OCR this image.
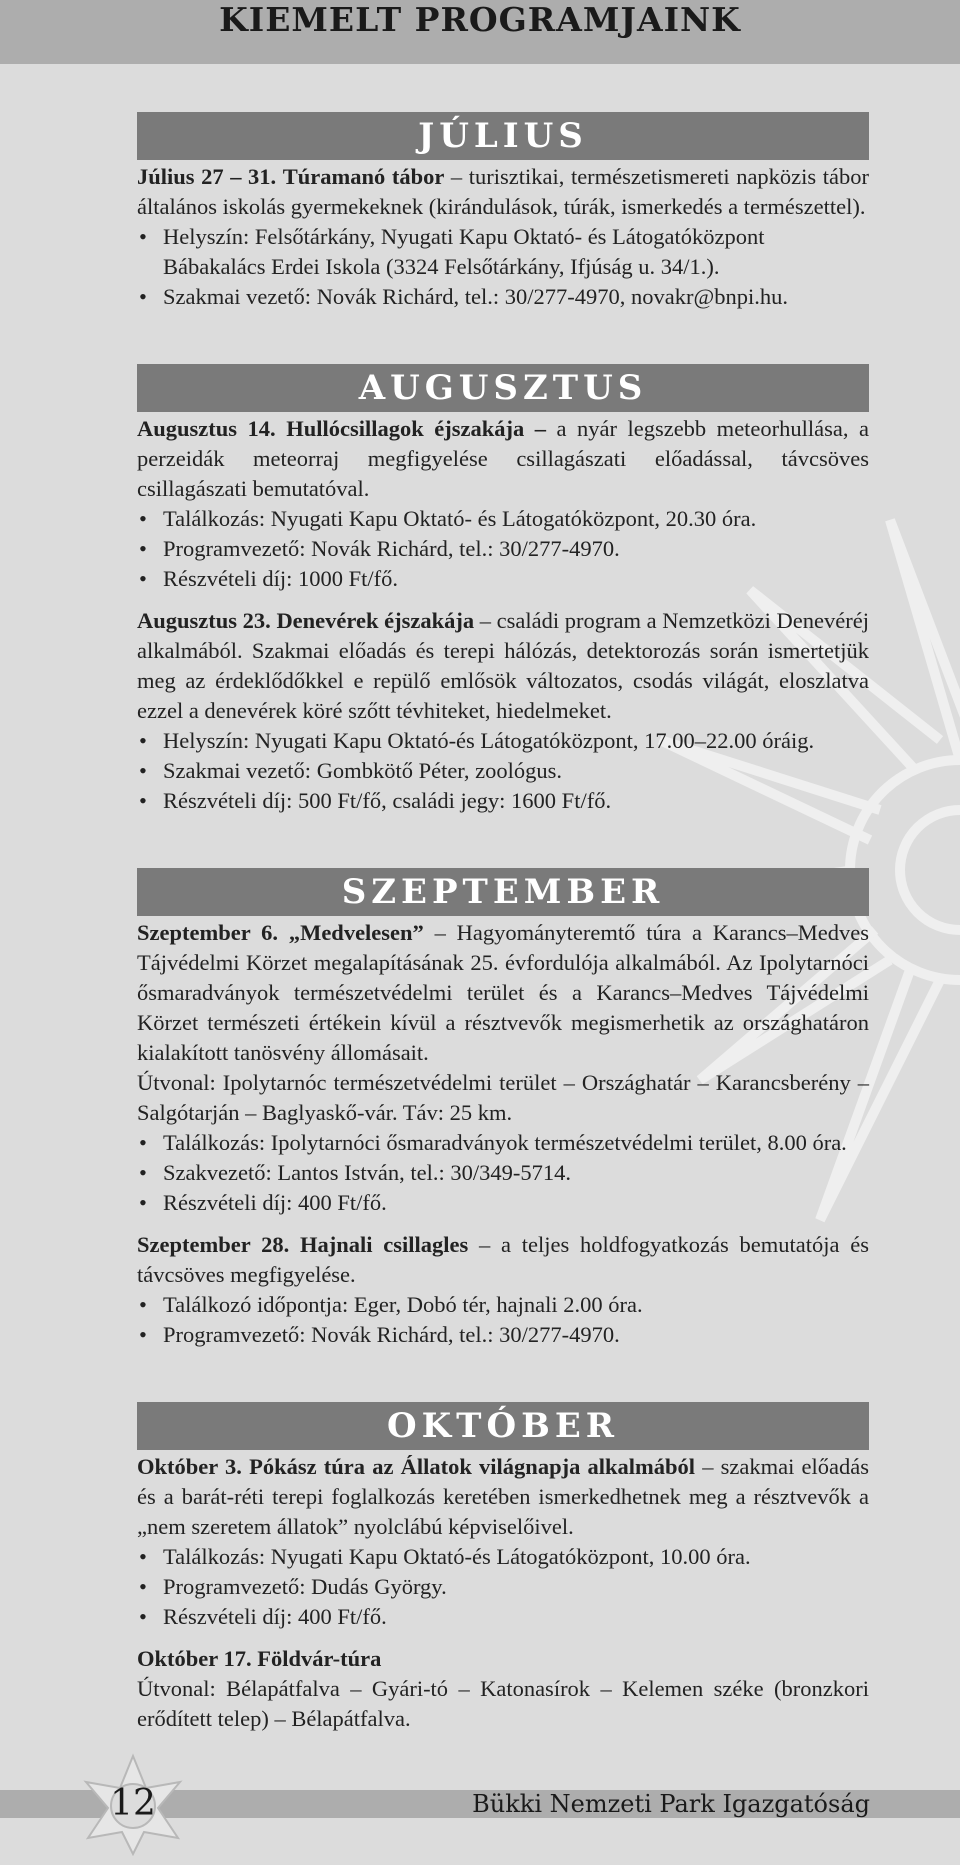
KIEMELT PROGRAMJAINK
JÚLIUS

Július 27 – 31. Túramanó tábor – turisztikai, természetismereti napközis tábor általános iskolás gyermekeknek (kirándulások, túrák, ismerkedés a természettel).

• Helyszín: Felsőtárkány, Nyugati Kapu Oktató- és Látogatóközpont Bábakalács Erdei Iskola (3324 Felsőtárkány, Ifjúság u. 34/1.).
• Szakmai vezető: Novák Richárd, tel.: 30/277-4970, novakr@bnpi.hu.
AUGUSZTUS

Augusztus 14. Hullócsillagok éjszakája – a nyár legszebb meteorhullása, a perzeidák meteorraj megfigyelése csillagászati előadással, távcsöves csillagászati bemutatóval.

• Találkozás: Nyugati Kapu Oktató- és Látogatóközpont, 20.30 óra.
• Programvezető: Novák Richárd, tel.: 30/277-4970.
• Részvételi díj: 1000 Ft/fő.

Augusztus 23. Denevérek éjszakája – családi program a Nemzetközi Denevéréj alkalmából. Szakmai előadás és terepi hálózás, detektorozás során ismertetjük meg az érdeklődőkkel e repülő emlősök változatos, csodás világát, eloszlatva ezzel a denevérek köré szőtt tévhiteket, hiedelmeket.

• Helyszín: Nyugati Kapu Oktató-és Látogatóközpont, 17.00–22.00 óráig.
• Szakmai vezető: Gombkötő Péter, zoológus.
• Részvételi díj: 500 Ft/fő, családi jegy: 1600 Ft/fő.
SZEPTEMBER

Szeptember 6. „Medvelesen” – Hagyományteremtő túra a Karancs–Medves Tájvédelmi Körzet megalapításának 25. évfordulója alkalmából. Az Ipolytarnóci ősmaradványok természetvédelmi terület és a Karancs–Medves Tájvédelmi Körzet természeti értékein kívül a résztvevők megismerhetik az országhatáron kialakított tanösvény állomásait.

Útvonal: Ipolytarnóc természetvédelmi terület – Országhatár – Karancsberény – Salgótarján – Baglyaskő-vár. Táv: 25 km.

• Találkozás: Ipolytarnóci ősmaradványok természetvédelmi terület, 8.00 óra.
• Szakvezető: Lantos István, tel.: 30/349-5714.
• Részvételi díj: 400 Ft/fő.

Szeptember 28. Hajnali csillagles – a teljes holdfogyatkozás bemutatója és távcsöves megfigyelése.

• Találkozó időpontja: Eger, Dobó tér, hajnali 2.00 óra.
• Programvezető: Novák Richárd, tel.: 30/277-4970.
OKTÓBER

Október 3. Pókász túra az Állatok világnapja alkalmából – szakmai előadás és a barát-réti terepi foglalkozás keretében ismerkedhetnek meg a résztvevők a „nem szeretem állatok” nyolclábú képviselőivel.

• Találkozás: Nyugati Kapu Oktató-és Látogatóközpont, 10.00 óra.
• Programvezető: Dudás György.
• Részvételi díj: 400 Ft/fő.

Október 17. Földvár-túra

Útvonal: Bélapátfalva – Gyári-tó – Katonasírok – Kelemen széke (bronzkori erődített telep) – Bélapátfalva.

Bükki Nemzeti Park Igazgatóság
12
